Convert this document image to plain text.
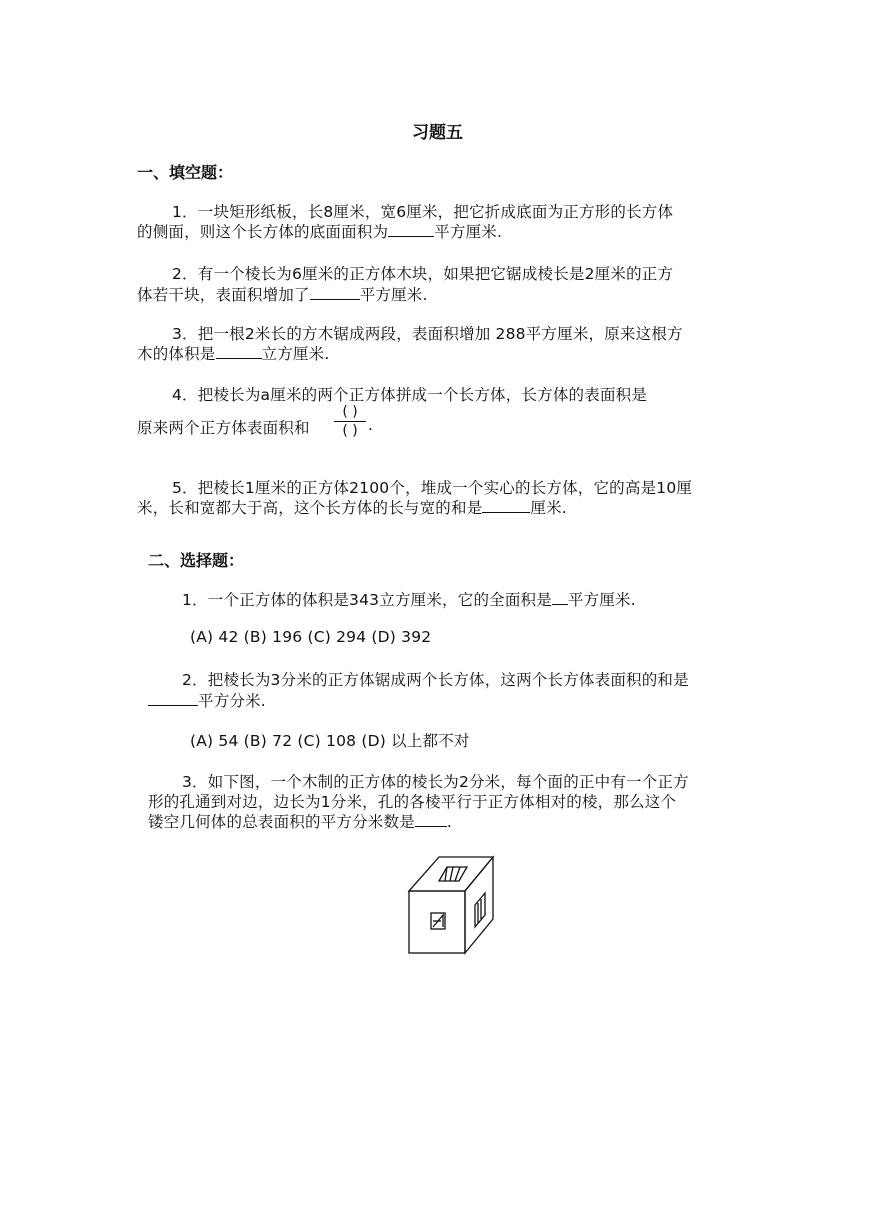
习题五
一、填空题：
1．一块矩形纸板，长8厘米，宽6厘米，把它折成底面为正方形的长方体
的侧面，则这个长方体的底面面积为	平方厘米.
2．有一个棱长为6厘米的正方体木块，如果把它锯成棱长是2厘米的正方
体若干块，表面积增加了	平方厘米.
3．把一根2米长的方木锯成两段，表面积增加 288平方厘米，原来这根方
木的体积是	立方厘米.
4．把棱长为a厘米的两个正方体拼成一个长方体，长方体的表面积是
原来两个正方体表面积和
( )
( ) .
5．把棱长1厘米的正方体2100个，堆成一个实心的长方体，它的高是10厘
米，长和宽都大于高，这个长方体的长与宽的和是	厘米.
二、选择题：
1．一个正方体的体积是343立方厘米，它的全面积是 平方厘米.
(A) 42 (B) 196 (C) 294 (D) 392
2．把棱长为3分米的正方体锯成两个长方体，这两个长方体表面积的和是
平方分米.
(A) 54 (B) 72 (C) 108 (D) 以上都不对
3．如下图，一个木制的正方体的棱长为2分米，每个面的正中有一个正方
形的孔通到对边，边长为1分米，孔的各棱平行于正方体相对的棱，那么这个
镂空几何体的总表面积的平方分米数是 .
